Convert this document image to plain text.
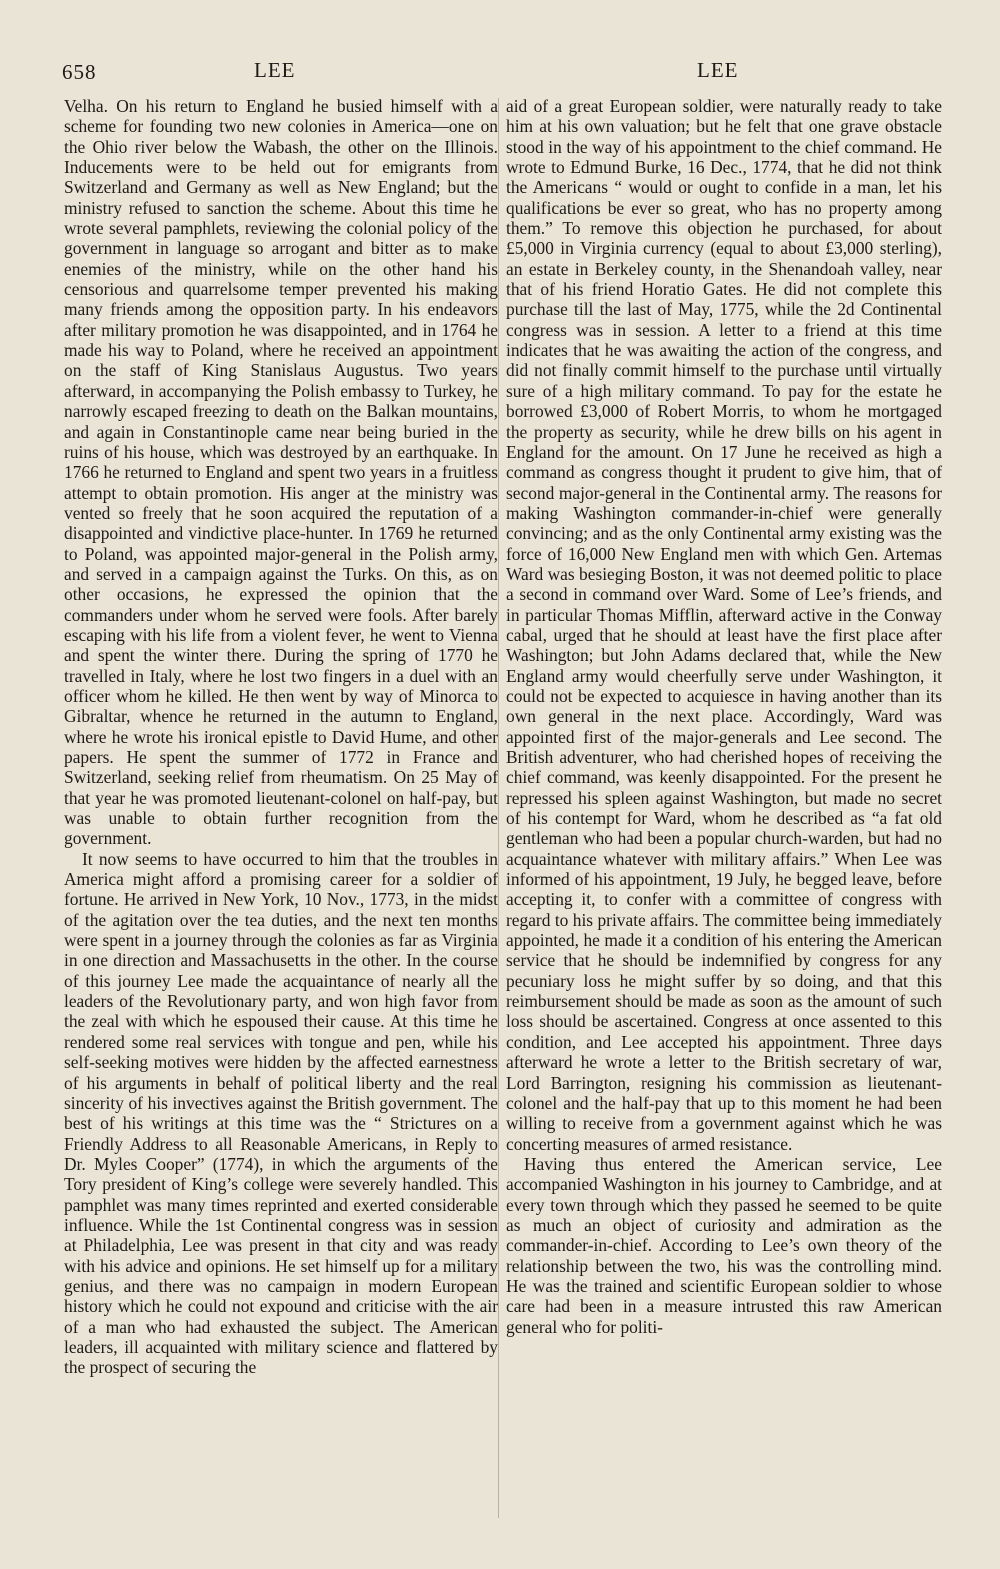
658	LEE	LEE

Velha. On his return to England he busied himself with a scheme for founding two new colonies in America—one on the Ohio river below the Wabash, the other on the Illinois. Inducements were to be held out for emigrants from Switzerland and Germany as well as New England; but the ministry refused to sanction the scheme. About this time he wrote several pamphlets, reviewing the colonial policy of the government in language so arrogant and bitter as to make enemies of the ministry, while on the other hand his censorious and quarrelsome temper prevented his making many friends among the opposition party. In his endeavors after military promotion he was disappointed, and in 1764 he made his way to Poland, where he received an appointment on the staff of King Stanislaus Augustus. Two years afterward, in accompanying the Polish embassy to Turkey, he narrowly escaped freezing to death on the Balkan mountains, and again in Constantinople came near being buried in the ruins of his house, which was destroyed by an earthquake. In 1766 he returned to England and spent two years in a fruitless attempt to obtain promotion. His anger at the ministry was vented so freely that he soon acquired the reputation of a disappointed and vindictive place-hunter. In 1769 he returned to Poland, was appointed major-general in the Polish army, and served in a campaign against the Turks. On this, as on other occasions, he expressed the opinion that the commanders under whom he served were fools. After barely escaping with his life from a violent fever, he went to Vienna and spent the winter there. During the spring of 1770 he travelled in Italy, where he lost two fingers in a duel with an officer whom he killed. He then went by way of Minorca to Gibraltar, whence he returned in the autumn to England, where he wrote his ironical epistle to David Hume, and other papers. He spent the summer of 1772 in France and Switzerland, seeking relief from rheumatism. On 25 May of that year he was promoted lieutenant-colonel on half-pay, but was unable to obtain further recognition from the government.

It now seems to have occurred to him that the troubles in America might afford a promising career for a soldier of fortune. He arrived in New York, 10 Nov., 1773, in the midst of the agitation over the tea duties, and the next ten months were spent in a journey through the colonies as far as Virginia in one direction and Massachusetts in the other. In the course of this journey Lee made the acquaintance of nearly all the leaders of the Revolutionary party, and won high favor from the zeal with which he espoused their cause. At this time he rendered some real services with tongue and pen, while his self-seeking motives were hidden by the affected earnestness of his arguments in behalf of political liberty and the real sincerity of his invectives against the British government. The best of his writings at this time was the “ Strictures on a Friendly Address to all Reasonable Americans, in Reply to Dr. Myles Cooper” (1774), in which the arguments of the Tory president of King’s college were severely handled. This pamphlet was many times reprinted and exerted considerable influence. While the 1st Continental congress was in session at Philadelphia, Lee was present in that city and was ready with his advice and opinions. He set himself up for a military genius, and there was no campaign in modern European history which he could not expound and criticise with the air of a man who had exhausted the subject. The American leaders, ill acquainted with military science and flattered by the prospect of securing the

aid of a great European soldier, were naturally ready to take him at his own valuation; but he felt that one grave obstacle stood in the way of his appointment to the chief command. He wrote to Edmund Burke, 16 Dec., 1774, that he did not think the Americans “ would or ought to confide in a man, let his qualifications be ever so great, who has no property among them.” To remove this objection he purchased, for about £5,000 in Virginia currency (equal to about £3,000 sterling), an estate in Berkeley county, in the Shenandoah valley, near that of his friend Horatio Gates. He did not complete this purchase till the last of May, 1775, while the 2d Continental congress was in session. A letter to a friend at this time indicates that he was awaiting the action of the congress, and did not finally commit himself to the purchase until virtually sure of a high military command. To pay for the estate he borrowed £3,000 of Robert Morris, to whom he mortgaged the property as security, while he drew bills on his agent in England for the amount. On 17 June he received as high a command as congress thought it prudent to give him, that of second major-general in the Continental army. The reasons for making Washington commander-in-chief were generally convincing; and as the only Continental army existing was the force of 16,000 New England men with which Gen. Artemas Ward was besieging Boston, it was not deemed politic to place a second in command over Ward. Some of Lee’s friends, and in particular Thomas Mifflin, afterward active in the Conway cabal, urged that he should at least have the first place after Washington; but John Adams declared that, while the New England army would cheerfully serve under Washington, it could not be expected to acquiesce in having another than its own general in the next place. Accordingly, Ward was appointed first of the major-generals and Lee second. The British adventurer, who had cherished hopes of receiving the chief command, was keenly disappointed. For the present he repressed his spleen against Washington, but made no secret of his contempt for Ward, whom he described as “a fat old gentleman who had been a popular church-warden, but had no acquaintance whatever with military affairs.” When Lee was informed of his appointment, 19 July, he begged leave, before accepting it, to confer with a committee of congress with regard to his private affairs. The committee being immediately appointed, he made it a condition of his entering the American service that he should be indemnified by congress for any pecuniary loss he might suffer by so doing, and that this reimbursement should be made as soon as the amount of such loss should be ascertained. Congress at once assented to this condition, and Lee accepted his appointment. Three days afterward he wrote a letter to the British secretary of war, Lord Barrington, resigning his commission as lieutenant-colonel and the half-pay that up to this moment he had been willing to receive from a government against which he was concerting measures of armed resistance.

Having thus entered the American service, Lee accompanied Washington in his journey to Cambridge, and at every town through which they passed he seemed to be quite as much an object of curiosity and admiration as the commander-in-chief. According to Lee’s own theory of the relationship between the two, his was the controlling mind. He was the trained and scientific European soldier to whose care had been in a measure intrusted this raw American general who for politi-
